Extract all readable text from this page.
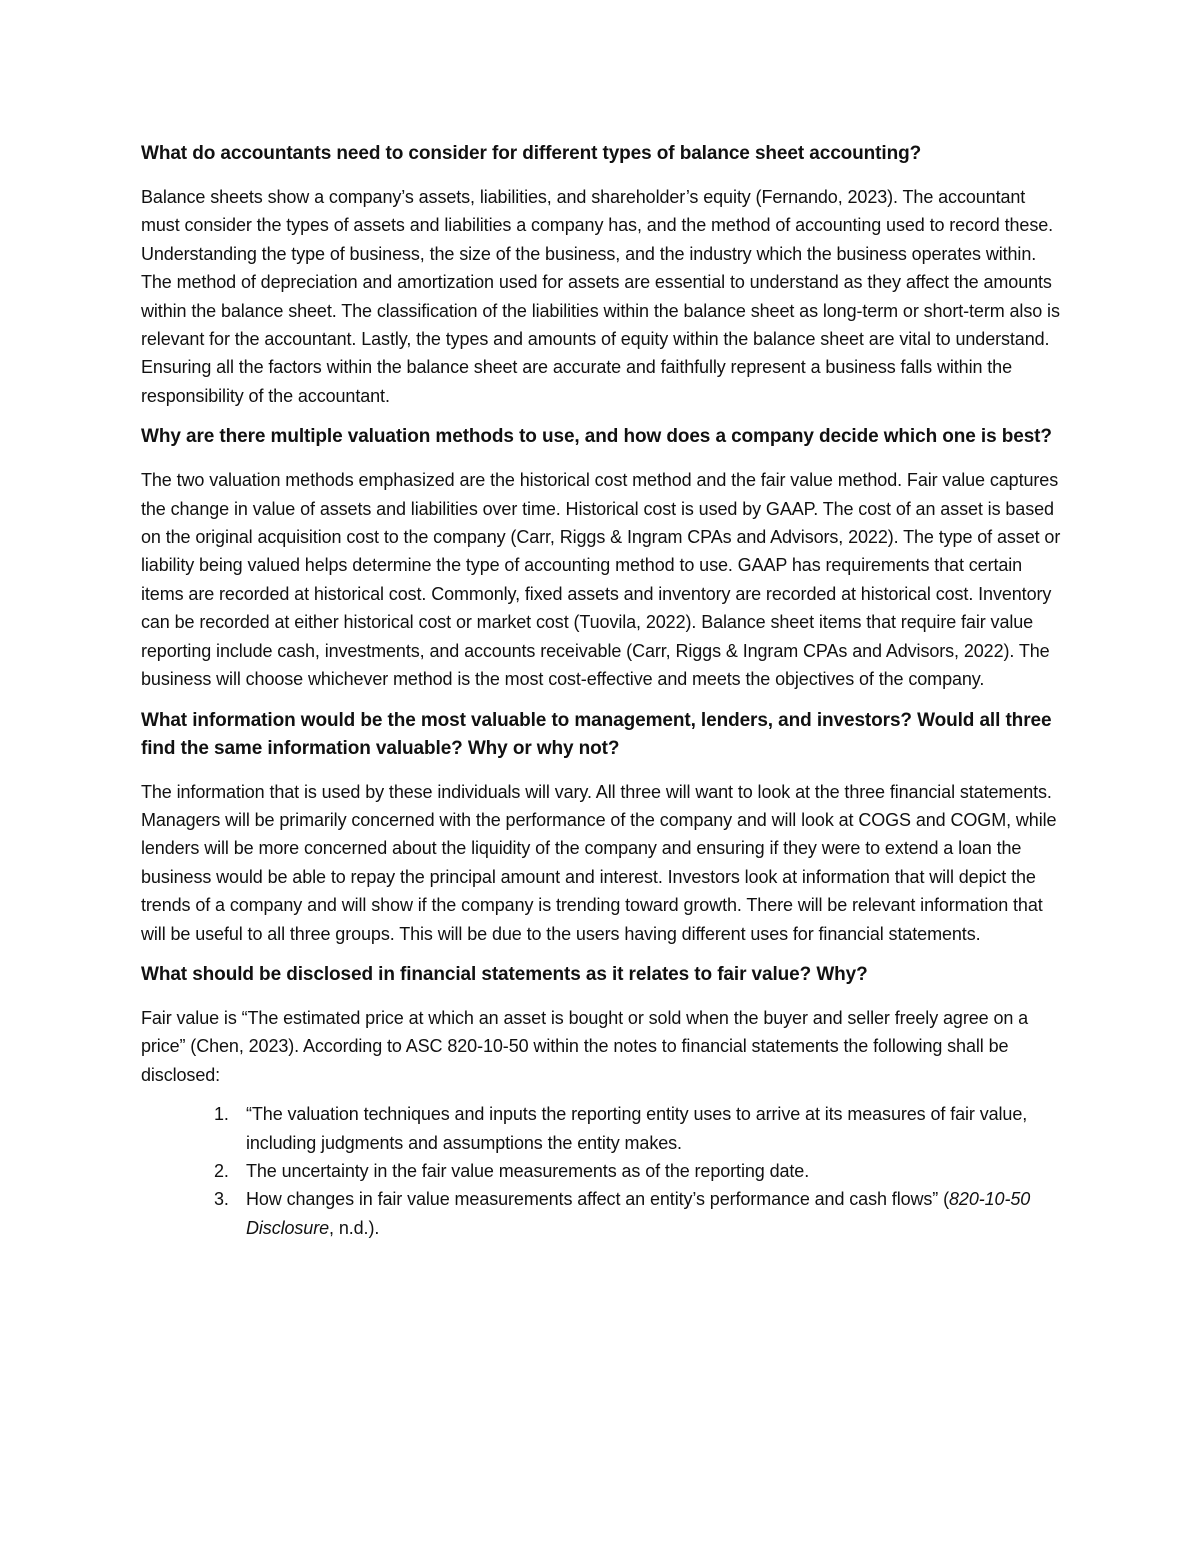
What do accountants need to consider for different types of balance sheet accounting?
Balance sheets show a company’s assets, liabilities, and shareholder’s equity (Fernando, 2023). The accountant must consider the types of assets and liabilities a company has, and the method of accounting used to record these. Understanding the type of business, the size of the business, and the industry which the business operates within. The method of depreciation and amortization used for assets are essential to understand as they affect the amounts within the balance sheet. The classification of the liabilities within the balance sheet as long-term or short-term also is relevant for the accountant. Lastly, the types and amounts of equity within the balance sheet are vital to understand. Ensuring all the factors within the balance sheet are accurate and faithfully represent a business falls within the responsibility of the accountant.
Why are there multiple valuation methods to use, and how does a company decide which one is best?
The two valuation methods emphasized are the historical cost method and the fair value method. Fair value captures the change in value of assets and liabilities over time. Historical cost is used by GAAP. The cost of an asset is based on the original acquisition cost to the company (Carr, Riggs & Ingram CPAs and Advisors, 2022). The type of asset or liability being valued helps determine the type of accounting method to use. GAAP has requirements that certain items are recorded at historical cost. Commonly, fixed assets and inventory are recorded at historical cost. Inventory can be recorded at either historical cost or market cost (Tuovila, 2022). Balance sheet items that require fair value reporting include cash, investments, and accounts receivable (Carr, Riggs & Ingram CPAs and Advisors, 2022). The business will choose whichever method is the most cost-effective and meets the objectives of the company.
What information would be the most valuable to management, lenders, and investors? Would all three find the same information valuable? Why or why not?
The information that is used by these individuals will vary. All three will want to look at the three financial statements. Managers will be primarily concerned with the performance of the company and will look at COGS and COGM, while lenders will be more concerned about the liquidity of the company and ensuring if they were to extend a loan the business would be able to repay the principal amount and interest. Investors look at information that will depict the trends of a company and will show if the company is trending toward growth. There will be relevant information that will be useful to all three groups. This will be due to the users having different uses for financial statements.
What should be disclosed in financial statements as it relates to fair value? Why?
Fair value is “The estimated price at which an asset is bought or sold when the buyer and seller freely agree on a price” (Chen, 2023). According to ASC 820-10-50 within the notes to financial statements the following shall be disclosed:
1. “The valuation techniques and inputs the reporting entity uses to arrive at its measures of fair value, including judgments and assumptions the entity makes.
2. The uncertainty in the fair value measurements as of the reporting date.
3. How changes in fair value measurements affect an entity’s performance and cash flows” (820-10-50 Disclosure, n.d.).
